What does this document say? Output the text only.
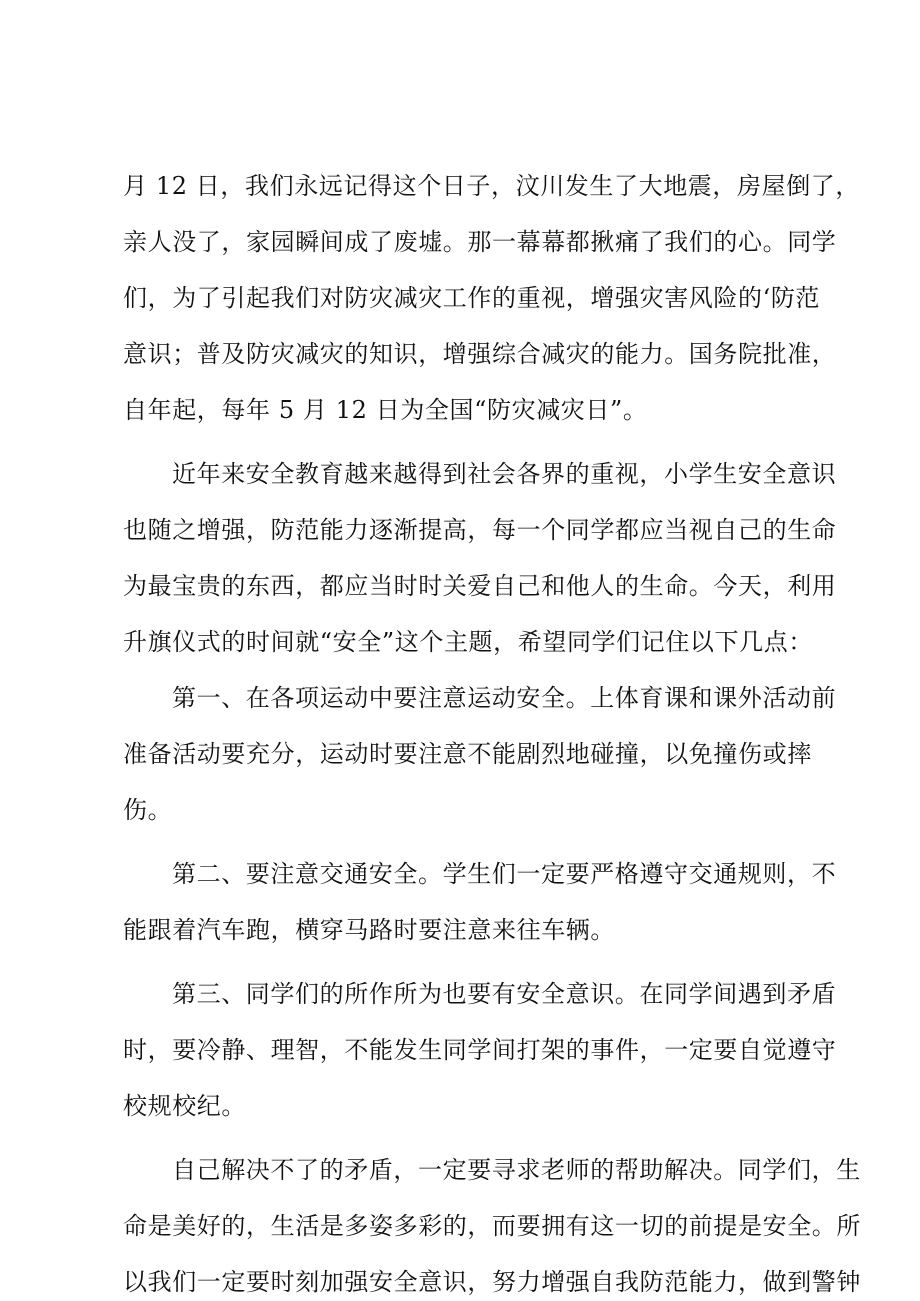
月 12 日，我们永远记得这个日子，汶川发生了大地震，房屋倒了，
亲人没了，家园瞬间成了废墟。那一幕幕都揪痛了我们的心。同学
们，为了引起我们对防灾减灾工作的重视，增强灾害风险的‘防范
意识；普及防灾减灾的知识，增强综合减灾的能力。国务院批准，
自年起，每年 5 月 12 日为全国“防灾减灾日”。
近年来安全教育越来越得到社会各界的重视，小学生安全意识
也随之增强，防范能力逐渐提高，每一个同学都应当视自己的生命
为最宝贵的东西，都应当时时关爱自己和他人的生命。今天，利用
升旗仪式的时间就“安全”这个主题，希望同学们记住以下几点：
第一、在各项运动中要注意运动安全。上体育课和课外活动前
准备活动要充分，运动时要注意不能剧烈地碰撞，以免撞伤或摔
伤。
第二、要注意交通安全。学生们一定要严格遵守交通规则，不
能跟着汽车跑，横穿马路时要注意来往车辆。
第三、同学们的所作所为也要有安全意识。在同学间遇到矛盾
时，要冷静、理智，不能发生同学间打架的事件，一定要自觉遵守
校规校纪。
自己解决不了的矛盾，一定要寻求老师的帮助解决。同学们，生
命是美好的，生活是多姿多彩的，而要拥有这一切的前提是安全。所
以我们一定要时刻加强安全意识，努力增强自我防范能力，做到警钟
